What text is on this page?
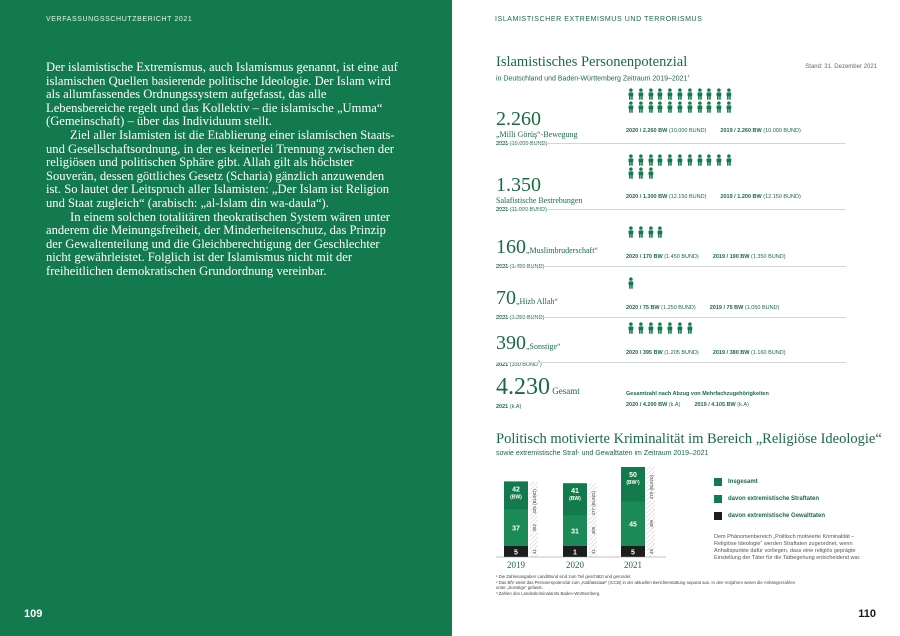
VERFASSUNGSSCHUTZBERICHT 2021

Der islamistische Extremismus, auch Islamismus genannt, ist eine auf islamischen Quellen basierende politische Ideologie. Der Islam wird als allumfassendes Ordnungssystem aufgefasst, das alle Lebensbereiche regelt und das Kollektiv – die islamische „Umma“ (Gemeinschaft) – über das Individuum stellt.

Ziel aller Islamisten ist die Etablierung einer islamischen Staats- und Gesellschaftsordnung, in der es keinerlei Trennung zwischen der religiösen und politischen Sphäre gibt. Allah gilt als höchster Souverän, dessen göttliches Gesetz (Scharia) gänzlich anzuwenden ist. So lautet der Leitspruch aller Islamisten: „Der Islam ist Religion und Staat zugleich“ (arabisch: „al-Islam din wa-daula“).

In einem solchen totalitären theokratischen System wären unter anderem die Meinungsfreiheit, der Minderheitenschutz, das Prinzip der Gewaltenteilung und die Gleichberechtigung der Geschlechter nicht gewährleistet. Folglich ist der Islamismus nicht mit der freiheitlichen demokratischen Grundordnung vereinbar.

109
ISLAMISTISCHER EXTREMISMUS UND TERRORISMUS
Islamistisches Personenpotenzial
in Deutschland und Baden-Württemberg Zeitraum 2019–2021$^1$
Stand: 31. Dezember 2021
2.260
„Milli Görüş“-Bewegung
2021 (10.000 BUND)
2020 / 2.260 BW (10.000 BUND)	2019 / 2.260 BW (10.000 BUND)
1.350
Salafistische Bestrebungen
2021 (11.900 BUND)
2020 / 1.300 BW (12.150 BUND)	2019 / 1.200 BW (12.150 BUND)
160„Muslimbruderschaft“
2021 (1.450 BUND)
2020 / 170 BW (1.450 BUND)	2019 / 190 BW (1.350 BUND)
70„Hizb Allah“
2021 (1.250 BUND)
2020 / 75 BW (1.250 BUND)	2019 / 75 BW (1.050 BUND)
390„Sonstige“
2021 (330 BUND$^2$)
2020 / 395 BW (1.205 BUND)	2019 / 380 BW (1.160 BUND)
4.230 Gesamt
2021 (k.A)
Gesamtzahl nach Abzug von Mehrfachzugehörigkeiten
2020 / 4.200 BW (k.A)	2019 / 4.105 BW (k.A)
Politisch motivierte Kriminalität im Bereich „Religiöse Ideologie“
sowie extremistische Straf- und Gewalttaten im Zeitraum 2019–2021
42
(BW)
37
5
425 (BUND)
362
41
2019
41
(BW)
31
1
477 (BUND)
409
41
2020
50
(BW³)
45
5
479 (BUND)
409
49
2021
Insgesamt
davon extremistische Straftaten
davon extremistische Gewalttaten
Dem Phänomenbereich „Politisch motivierte Kriminalität – Religiöse Ideologie“ werden Straftaten zugeordnet, wenn Anhaltspunkte dafür vorliegen, dass eine religiös geprägte Einstellung der Täter für die Tatbegehung entscheidend war.
¹ Die Zahlenangaben Land/Bund sind zum Teil geschätzt und gerundet.
² Das BfV weist das Personenpotenzial zum „Kalifatsstaat“ (ICCB) in der aktuellen Berichterstattung separat aus. In den Vorjahren waren die Anhängerzahlen unter „Sonstige“ gefasst.
³ Zahlen des Landeskriminalamts Baden-Württemberg.
110
